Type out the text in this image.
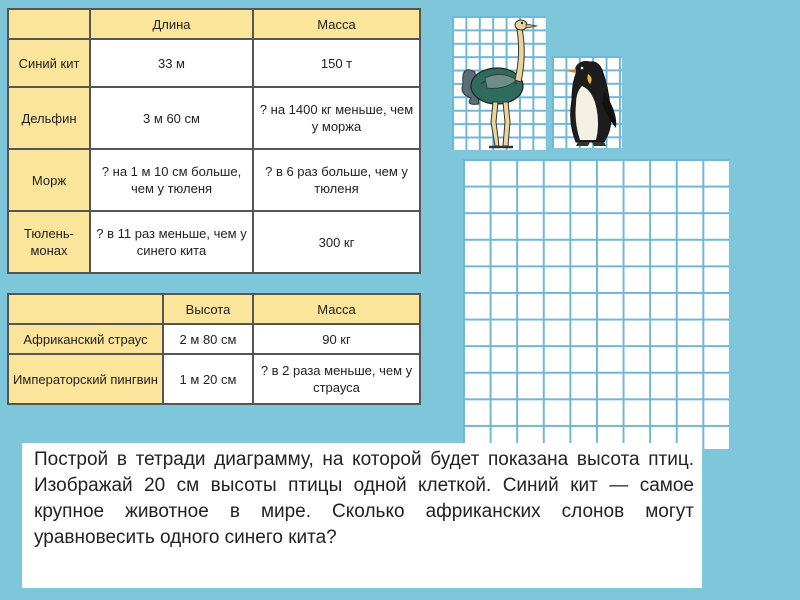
	Длина	Масса
Синий кит	33 м	150 т
Дельфин	3 м 60 см	? на 1400 кг меньше, чем у моржа
Морж	? на 1 м 10 см больше, чем у тюленя	? в 6 раз больше, чем у тюленя
Тюлень-монах	? в 11 раз меньше, чем у синего кита	300 кг
	Высота	Масса
Африканский страус	2 м 80 см	90 кг
Императорский пингвин	1 м 20 см	? в 2 раза меньше, чем у страуса

Построй в тетради диаграмму, на которой будет показана высота птиц. Изображай 20 см высоты птицы одной клеткой. Синий кит — самое крупное животное в мире. Сколько африканских слонов могут уравновесить одного синего кита?
